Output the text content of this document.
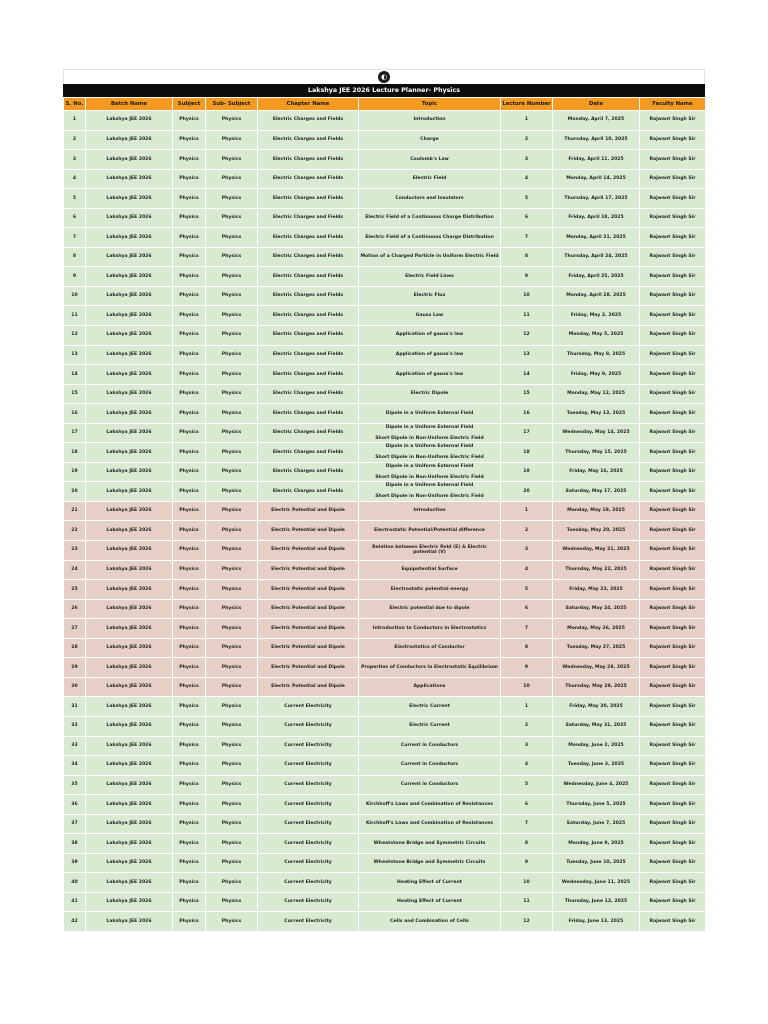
◐
Lakshya JEE 2026 Lecture Planner- Physics
S. No.	Batch Name	Subject	Sub- Subject	Chapter Name	Topic	Lecture Number	Date	Faculty Name
1	Lakshya JEE 2026	Physics	Physics	Electric Charges and Fields	Introduction	1	Monday, April 7, 2025	Rajwant Singh Sir
2	Lakshya JEE 2026	Physics	Physics	Electric Charges and Fields	Charge	2	Thursday, April 10, 2025	Rajwant Singh Sir
3	Lakshya JEE 2026	Physics	Physics	Electric Charges and Fields	Coulomb's Law	3	Friday, April 11, 2025	Rajwant Singh Sir
4	Lakshya JEE 2026	Physics	Physics	Electric Charges and Fields	Electric Field	4	Monday, April 14, 2025	Rajwant Singh Sir
5	Lakshya JEE 2026	Physics	Physics	Electric Charges and Fields	Conductors and Insulators	5	Thursday, April 17, 2025	Rajwant Singh Sir
6	Lakshya JEE 2026	Physics	Physics	Electric Charges and Fields	Electric Field of a Continuous Charge Distribution	6	Friday, April 18, 2025	Rajwant Singh Sir
7	Lakshya JEE 2026	Physics	Physics	Electric Charges and Fields	Electric Field of a Continuous Charge Distribution	7	Monday, April 21, 2025	Rajwant Singh Sir
8	Lakshya JEE 2026	Physics	Physics	Electric Charges and Fields	Motion of a Charged Particle in Uniform Electric Field	8	Thursday, April 24, 2025	Rajwant Singh Sir
9	Lakshya JEE 2026	Physics	Physics	Electric Charges and Fields	Electric Field Lines	9	Friday, April 25, 2025	Rajwant Singh Sir
10	Lakshya JEE 2026	Physics	Physics	Electric Charges and Fields	Electric Flux	10	Monday, April 28, 2025	Rajwant Singh Sir
11	Lakshya JEE 2026	Physics	Physics	Electric Charges and Fields	Gauss Law	11	Friday, May 2, 2025	Rajwant Singh Sir
12	Lakshya JEE 2026	Physics	Physics	Electric Charges and Fields	Application of gauss's law	12	Monday, May 5, 2025	Rajwant Singh Sir
13	Lakshya JEE 2026	Physics	Physics	Electric Charges and Fields	Application of gauss's law	13	Thursday, May 8, 2025	Rajwant Singh Sir
14	Lakshya JEE 2026	Physics	Physics	Electric Charges and Fields	Application of gauss's law	14	Friday, May 9, 2025	Rajwant Singh Sir
15	Lakshya JEE 2026	Physics	Physics	Electric Charges and Fields	Electric Dipole	15	Monday, May 12, 2025	Rajwant Singh Sir
16	Lakshya JEE 2026	Physics	Physics	Electric Charges and Fields	Dipole in a Uniform External Field	16	Tuesday, May 13, 2025	Rajwant Singh Sir
17	Lakshya JEE 2026	Physics	Physics	Electric Charges and Fields	Dipole in a Uniform External Field
Short Dipole in Non-Uniform Electric Field	17	Wednesday, May 14, 2025	Rajwant Singh Sir
18	Lakshya JEE 2026	Physics	Physics	Electric Charges and Fields	Dipole in a Uniform External Field
Short Dipole in Non-Uniform Electric Field	18	Thursday, May 15, 2025	Rajwant Singh Sir
19	Lakshya JEE 2026	Physics	Physics	Electric Charges and Fields	Dipole in a Uniform External Field
Short Dipole in Non-Uniform Electric Field	19	Friday, May 16, 2025	Rajwant Singh Sir
20	Lakshya JEE 2026	Physics	Physics	Electric Charges and Fields	Dipole in a Uniform External Field
Short Dipole in Non-Uniform Electric Field	20	Saturday, May 17, 2025	Rajwant Singh Sir
21	Lakshya JEE 2026	Physics	Physics	Electric Potential and Dipole	Introduction	1	Monday, May 19, 2025	Rajwant Singh Sir
22	Lakshya JEE 2026	Physics	Physics	Electric Potential and Dipole	Electrostatic Potential/Potential difference	2	Tuesday, May 20, 2025	Rajwant Singh Sir
23	Lakshya JEE 2026	Physics	Physics	Electric Potential and Dipole	Relation between Electric field (E) & Electric potential (V)	3	Wednesday, May 21, 2025	Rajwant Singh Sir
24	Lakshya JEE 2026	Physics	Physics	Electric Potential and Dipole	Equipotential Surface	4	Thursday, May 22, 2025	Rajwant Singh Sir
25	Lakshya JEE 2026	Physics	Physics	Electric Potential and Dipole	Electrostatic potential energy	5	Friday, May 23, 2025	Rajwant Singh Sir
26	Lakshya JEE 2026	Physics	Physics	Electric Potential and Dipole	Electric potential due to dipole	6	Saturday, May 24, 2025	Rajwant Singh Sir
27	Lakshya JEE 2026	Physics	Physics	Electric Potential and Dipole	Introduction to Conductors in Electrostatics	7	Monday, May 26, 2025	Rajwant Singh Sir
28	Lakshya JEE 2026	Physics	Physics	Electric Potential and Dipole	Electrostatics of Conductor	8	Tuesday, May 27, 2025	Rajwant Singh Sir
29	Lakshya JEE 2026	Physics	Physics	Electric Potential and Dipole	Properties of Conductors in Electrostatic Equilibrium	9	Wednesday, May 28, 2025	Rajwant Singh Sir
30	Lakshya JEE 2026	Physics	Physics	Electric Potential and Dipole	Applications	10	Thursday, May 29, 2025	Rajwant Singh Sir
31	Lakshya JEE 2026	Physics	Physics	Current Electricity	Electric Current	1	Friday, May 30, 2025	Rajwant Singh Sir
32	Lakshya JEE 2026	Physics	Physics	Current Electricity	Electric Current	2	Saturday, May 31, 2025	Rajwant Singh Sir
33	Lakshya JEE 2026	Physics	Physics	Current Electricity	Current in Conductors	3	Monday, June 2, 2025	Rajwant Singh Sir
34	Lakshya JEE 2026	Physics	Physics	Current Electricity	Current in Conductors	4	Tuesday, June 3, 2025	Rajwant Singh Sir
35	Lakshya JEE 2026	Physics	Physics	Current Electricity	Current in Conductors	5	Wednesday, June 4, 2025	Rajwant Singh Sir
36	Lakshya JEE 2026	Physics	Physics	Current Electricity	Kirchhoff's Laws and Combination of Resistances	6	Thursday, June 5, 2025	Rajwant Singh Sir
37	Lakshya JEE 2026	Physics	Physics	Current Electricity	Kirchhoff's Laws and Combination of Resistances	7	Saturday, June 7, 2025	Rajwant Singh Sir
38	Lakshya JEE 2026	Physics	Physics	Current Electricity	Wheatstone Bridge and Symmetric Circuits	8	Monday, June 9, 2025	Rajwant Singh Sir
39	Lakshya JEE 2026	Physics	Physics	Current Electricity	Wheatstone Bridge and Symmetric Circuits	9	Tuesday, June 10, 2025	Rajwant Singh Sir
40	Lakshya JEE 2026	Physics	Physics	Current Electricity	Heating Effect of Current	10	Wednesday, June 11, 2025	Rajwant Singh Sir
41	Lakshya JEE 2026	Physics	Physics	Current Electricity	Heating Effect of Current	11	Thursday, June 12, 2025	Rajwant Singh Sir
42	Lakshya JEE 2026	Physics	Physics	Current Electricity	Cells and Combination of Cells	12	Friday, June 13, 2025	Rajwant Singh Sir
